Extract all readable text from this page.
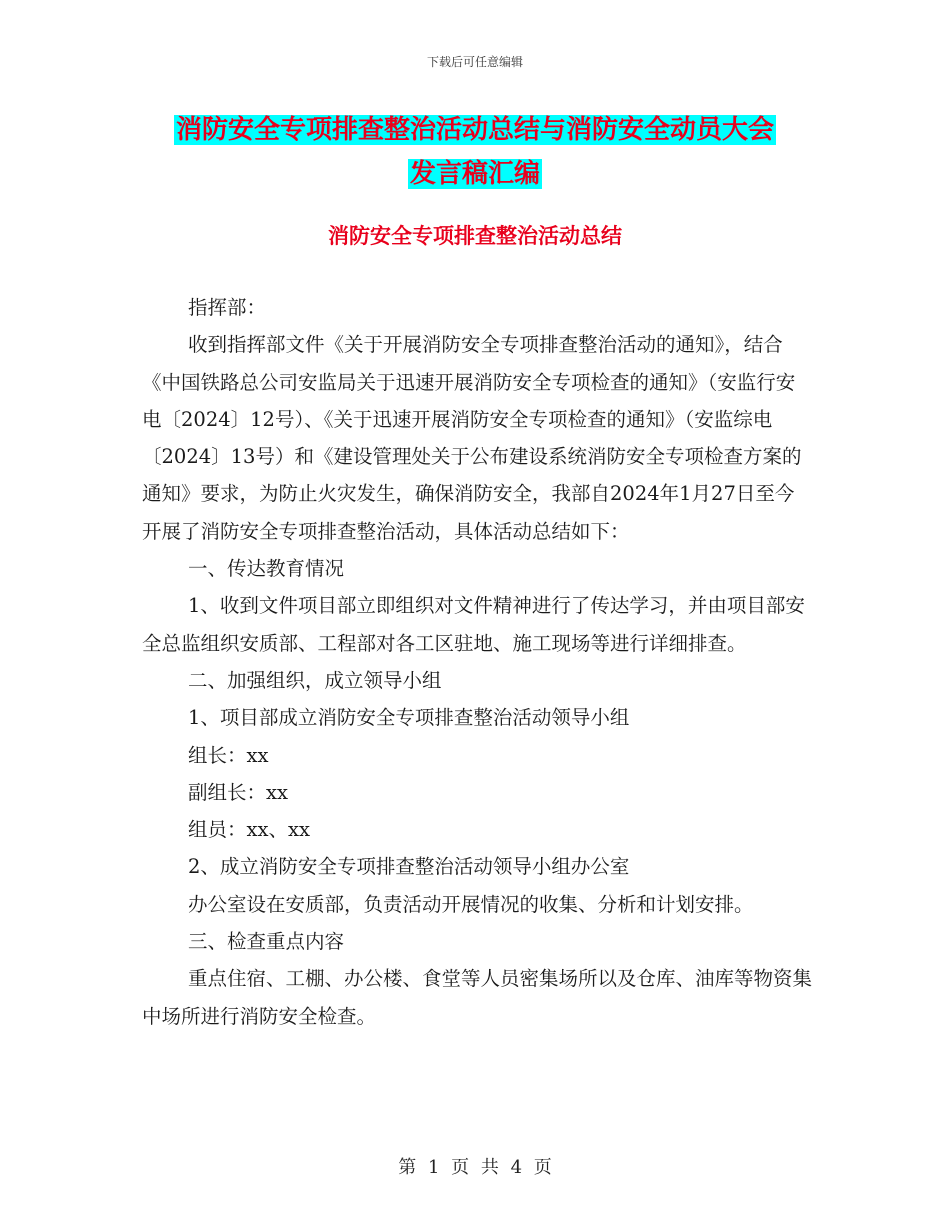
下载后可任意编辑
消防安全专项排查整治活动总结与消防安全动员大会
发言稿汇编
消防安全专项排查整治活动总结

指挥部：

收到指挥部文件《关于开展消防安全专项排查整治活动的通知》，结合《中国铁路总公司安监局关于迅速开展消防安全专项检查的通知》（安监行安电〔2024〕12号）、《关于迅速开展消防安全专项检查的通知》（安监综电〔2024〕13号）和《建设管理处关于公布建设系统消防安全专项检查方案的通知》要求，为防止火灾发生，确保消防安全，我部自2024年1月27日至今开展了消防安全专项排查整治活动，具体活动总结如下：

一、传达教育情况

1、收到文件项目部立即组织对文件精神进行了传达学习，并由项目部安全总监组织安质部、工程部对各工区驻地、施工现场等进行详细排查。

二、加强组织，成立领导小组

1、项目部成立消防安全专项排查整治活动领导小组

组长：xx

副组长：xx

组员：xx、xx

2、成立消防安全专项排查整治活动领导小组办公室

办公室设在安质部，负责活动开展情况的收集、分析和计划安排。

三、检查重点内容

重点住宿、工棚、办公楼、食堂等人员密集场所以及仓库、油库等物资集中场所进行消防安全检查。

第 1 页 共 4 页
